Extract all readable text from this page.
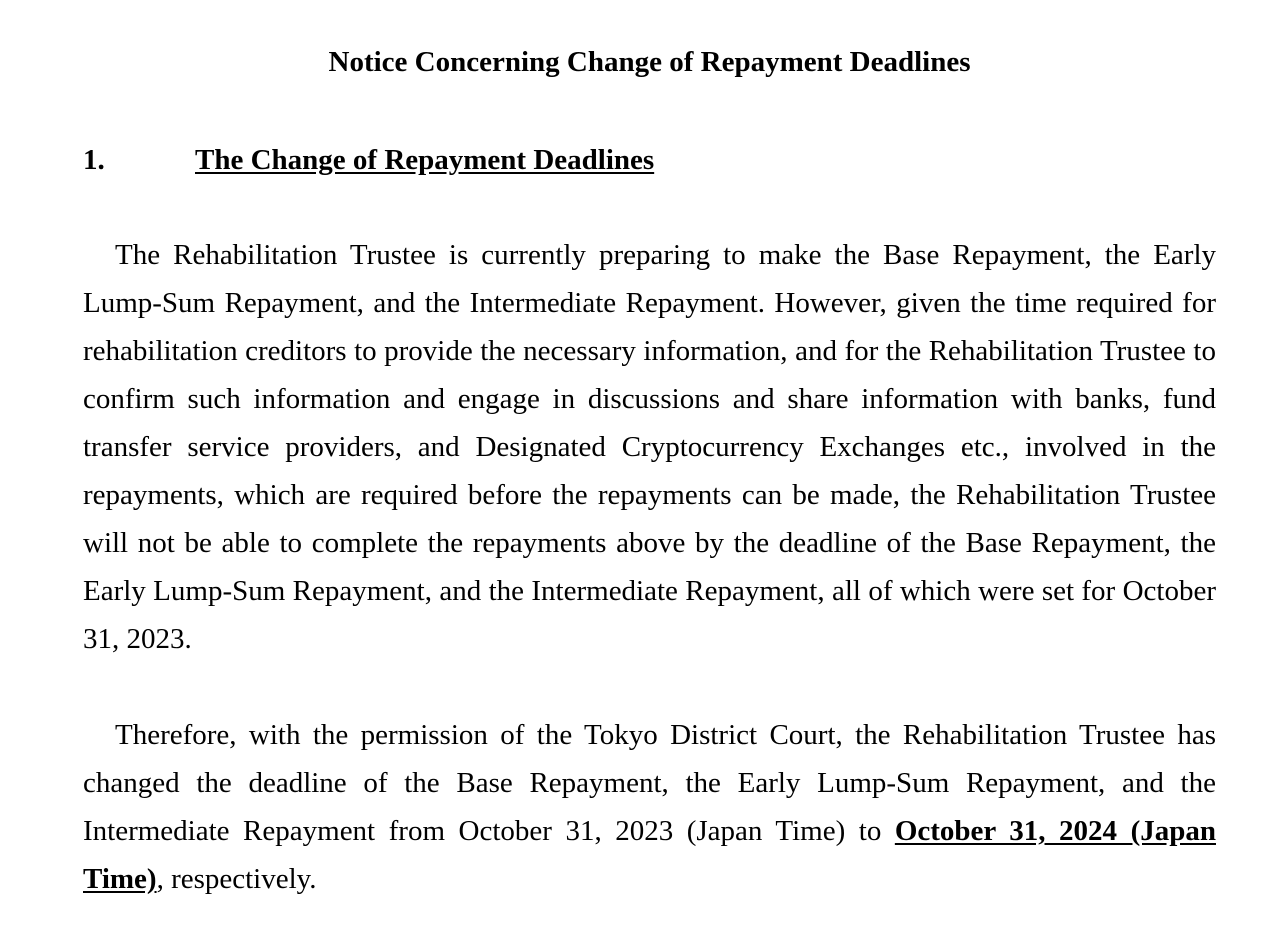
Notice Concerning Change of Repayment Deadlines
1.	The Change of Repayment Deadlines

The Rehabilitation Trustee is currently preparing to make the Base Repayment, the Early Lump-Sum Repayment, and the Intermediate Repayment. However, given the time required for rehabilitation creditors to provide the necessary information, and for the Rehabilitation Trustee to confirm such information and engage in discussions and share information with banks, fund transfer service providers, and Designated Cryptocurrency Exchanges etc., involved in the repayments, which are required before the repayments can be made, the Rehabilitation Trustee will not be able to complete the repayments above by the deadline of the Base Repayment, the Early Lump-Sum Repayment, and the Intermediate Repayment, all of which were set for October 31, 2023.

Therefore, with the permission of the Tokyo District Court, the Rehabilitation Trustee has changed the deadline of the Base Repayment, the Early Lump-Sum Repayment, and the Intermediate Repayment from October 31, 2023 (Japan Time) to October 31, 2024 (Japan Time), respectively.
